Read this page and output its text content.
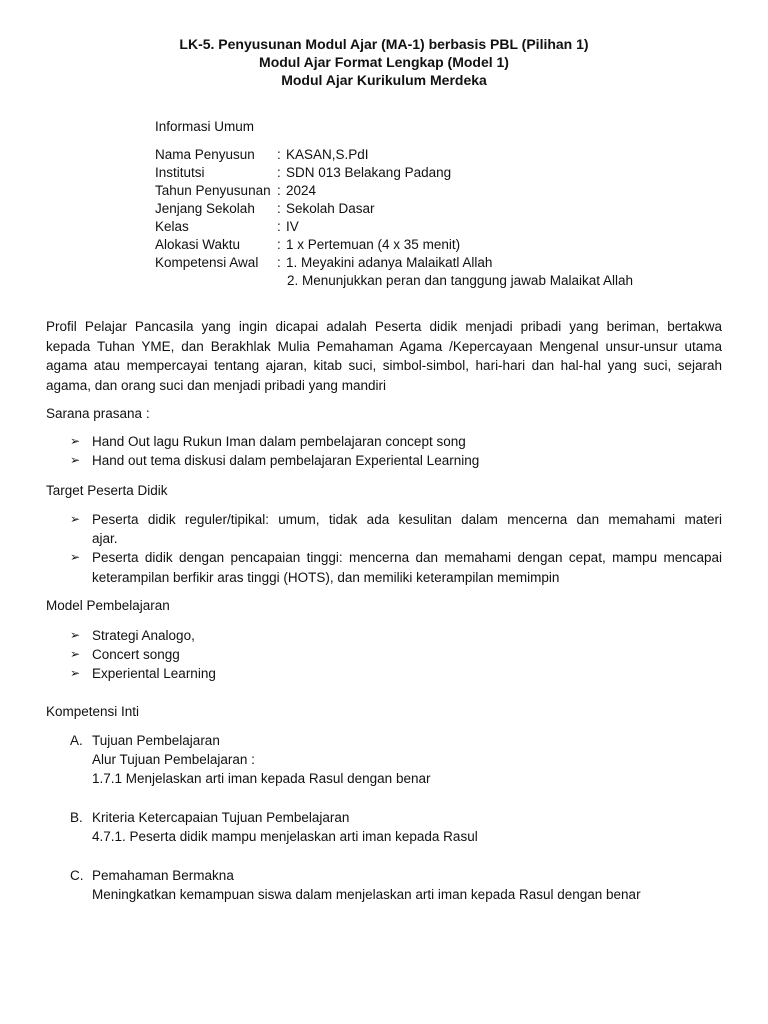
LK-5. Penyusunan Modul Ajar (MA-1) berbasis PBL (Pilihan 1)
Modul Ajar Format Lengkap (Model 1)
Modul Ajar Kurikulum Merdeka
Informasi Umum
Nama Penyusun	: KASAN,S.PdI
Institutsi	: SDN 013 Belakang Padang
Tahun Penyusunan : 2024
Jenjang Sekolah	: Sekolah Dasar
Kelas	: IV
Alokasi Waktu	: 1 x Pertemuan (4 x 35 menit)
Kompetensi Awal	: 1. Meyakini adanya Malaikatl Allah
2. Menunjukkan peran dan tanggung jawab Malaikat Allah
Profil Pelajar Pancasila yang ingin dicapai adalah Peserta didik menjadi pribadi yang beriman, bertakwa
kepada Tuhan YME, dan Berakhlak Mulia Pemahaman Agama /Kepercayaan Mengenal unsur-unsur utama
agama atau mempercayai tentang ajaran, kitab suci, simbol-simbol, hari-hari dan hal-hal yang suci, sejarah
agama, dan orang suci dan menjadi pribadi yang mandiri
Sarana prasana :
➢ Hand Out lagu Rukun Iman dalam pembelajaran concept song
➢ Hand out tema diskusi dalam pembelajaran Experiental Learning
Target Peserta Didik
➢ Peserta didik reguler/tipikal: umum, tidak ada kesulitan dalam mencerna dan memahami materi
ajar.
➢ Peserta didik dengan pencapaian tinggi: mencerna dan memahami dengan cepat, mampu mencapai
keterampilan berfikir aras tinggi (HOTS), dan memiliki keterampilan memimpin
Model Pembelajaran
➢ Strategi Analogo,
➢ Concert songg
➢ Experiental Learning
Kompetensi Inti
A. Tujuan Pembelajaran
Alur Tujuan Pembelajaran :
1.7.1 Menjelaskan arti iman kepada Rasul dengan benar
B. Kriteria Ketercapaian Tujuan Pembelajaran
4.7.1. Peserta didik mampu menjelaskan arti iman kepada Rasul
C. Pemahaman Bermakna
Meningkatkan kemampuan siswa dalam menjelaskan arti iman kepada Rasul dengan benar
